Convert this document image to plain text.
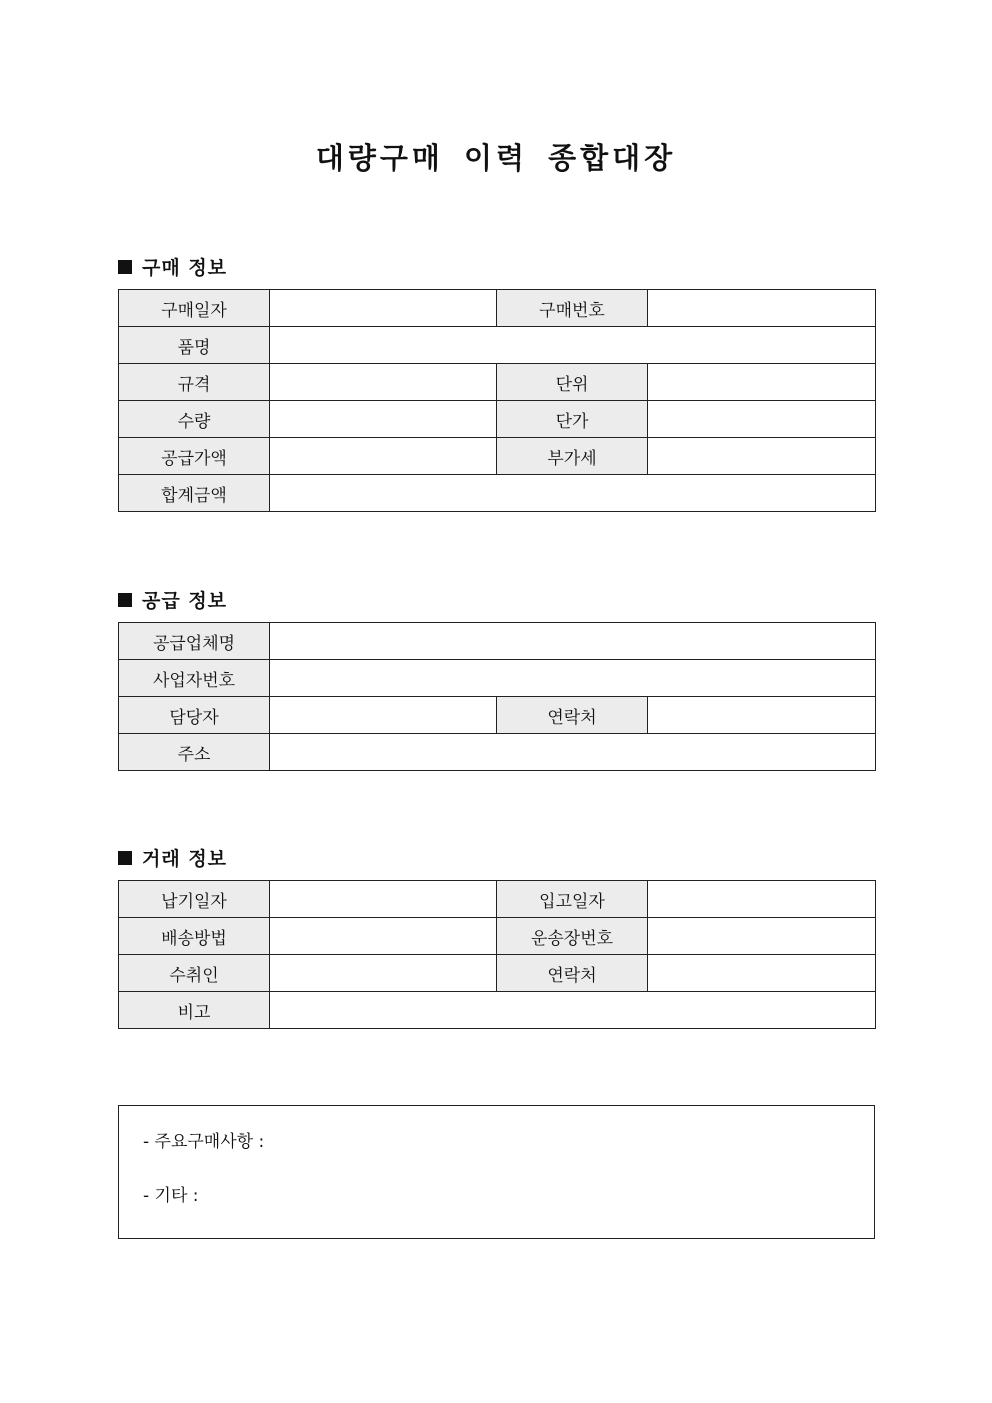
대량구매 이력 종합대장
구매 정보
구매일자		구매번호	
품명			
규격		단위	
수량		단가	
공급가액		부가세	
합계금액			
공급 정보
공급업체명			
사업자번호			
담당자		연락처	
주소			
거래 정보
납기일자		입고일자	
배송방법		운송장번호	
수취인		연락처	
비고			
- 주요구매사항 :
- 기타 :
